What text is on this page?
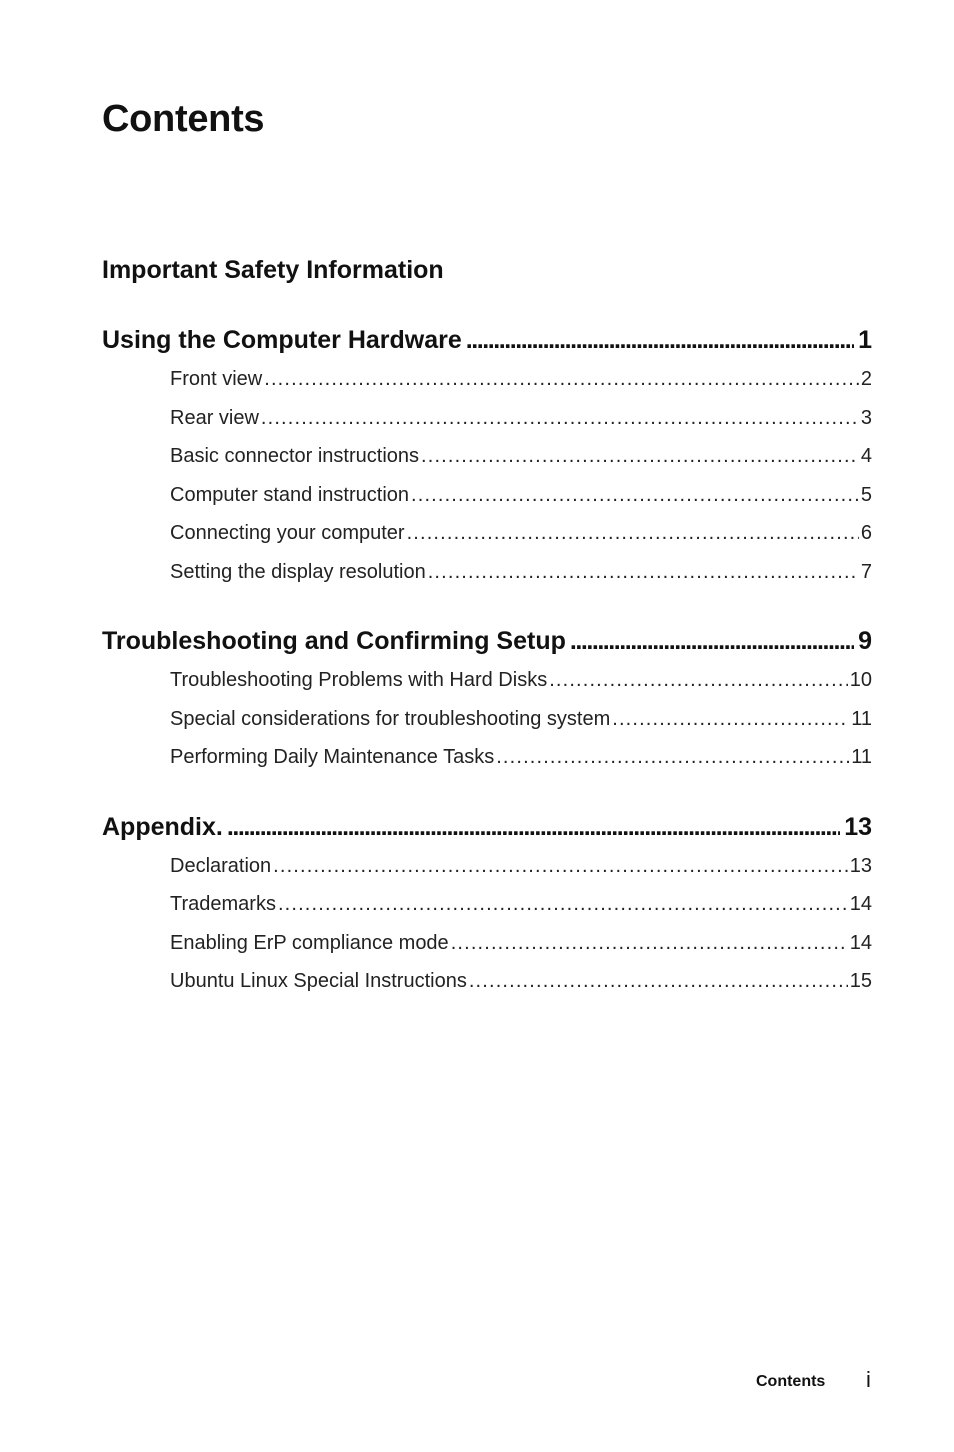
Contents
Important Safety Information
Using the Computer Hardware . . .	1
Front view . . .	2
Rear view . . .	3
Basic connector instructions . . .	4
Computer stand instruction . . .	5
Connecting your computer . . .	6
Setting the display resolution . . .	7
Troubleshooting and Confirming Setup . . .	9
Troubleshooting Problems with Hard Disks . . .	10
Special considerations for troubleshooting system . . .	11
Performing Daily Maintenance Tasks . . .	11
Appendix. . . .	13
Declaration . . .	13
Trademarks . . .	14
Enabling ErP compliance mode . . .	14
Ubuntu Linux Special Instructions . . .	15
Contents i
